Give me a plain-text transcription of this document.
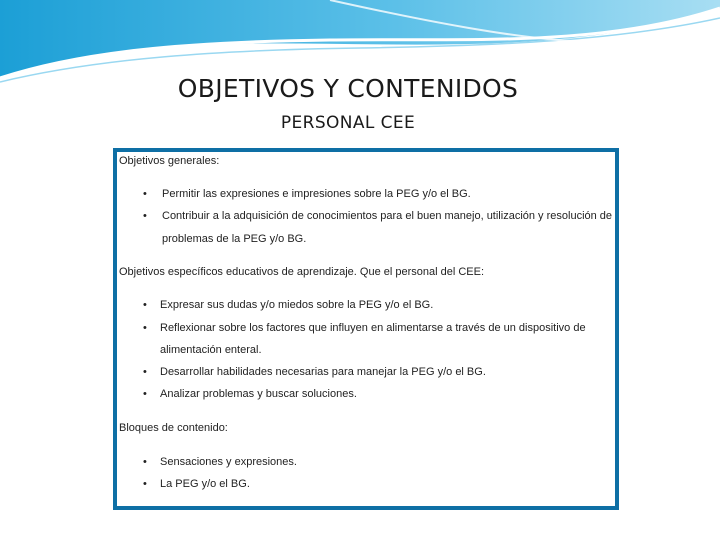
OBJETIVOS Y CONTENIDOS
PERSONAL CEE
Objetivos generales:
• Permitir las expresiones e impresiones sobre la PEG y/o el BG.
• Contribuir a la adquisición de conocimientos para el buen manejo, utilización y resolución de
problemas de la PEG y/o BG.
Objetivos específicos educativos de aprendizaje. Que el personal del CEE:
• Expresar sus dudas y/o miedos sobre la PEG y/o el BG.
• Reflexionar sobre los factores que influyen en alimentarse a través de un dispositivo de
alimentación enteral.
• Desarrollar habilidades necesarias para manejar la PEG y/o el BG.
• Analizar problemas y buscar soluciones.
Bloques de contenido:
• Sensaciones y expresiones.
• La PEG y/o el BG.
